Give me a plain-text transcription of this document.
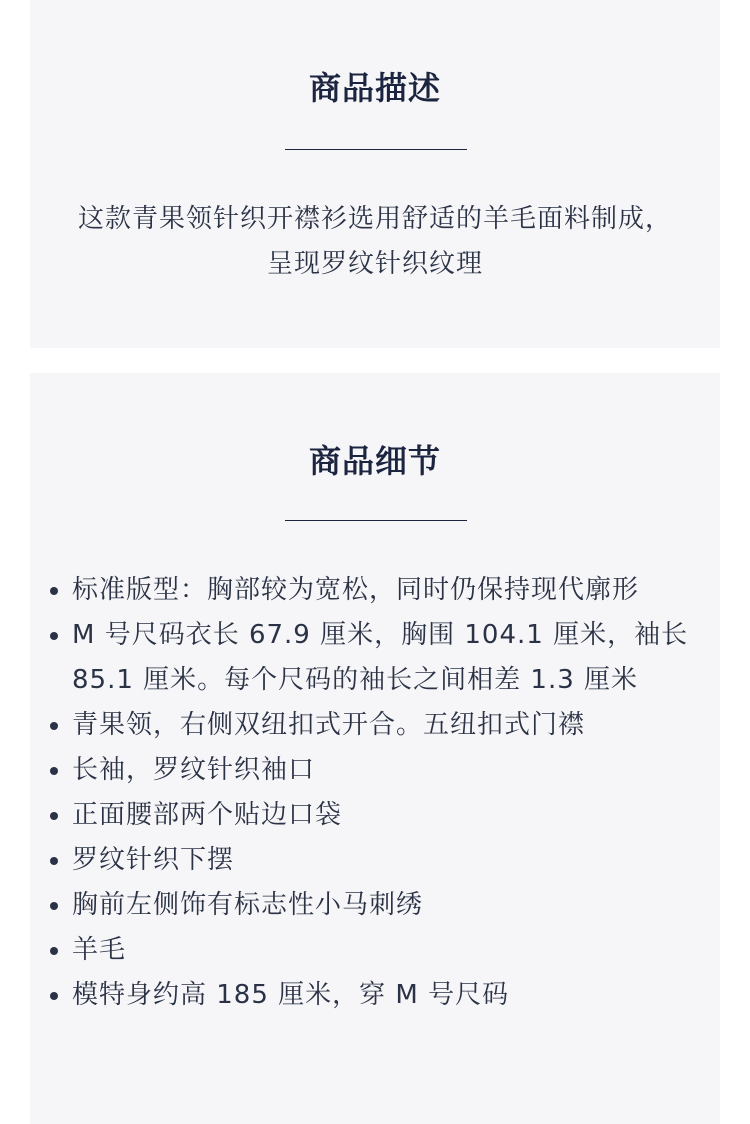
商品描述

这款青果领针织开襟衫选用舒适的羊毛面料制成，呈现罗纹针织纹理

商品细节
标准版型：胸部较为宽松，同时仍保持现代廓形
M 号尺码衣长 67.9 厘米，胸围 104.1 厘米，袖长 85.1 厘米。每个尺码的袖长之间相差 1.3 厘米
青果领，右侧双纽扣式开合。五纽扣式门襟
长袖，罗纹针织袖口
正面腰部两个贴边口袋
罗纹针织下摆
胸前左侧饰有标志性小马刺绣
羊毛
模特身约高 185 厘米，穿 M 号尺码
